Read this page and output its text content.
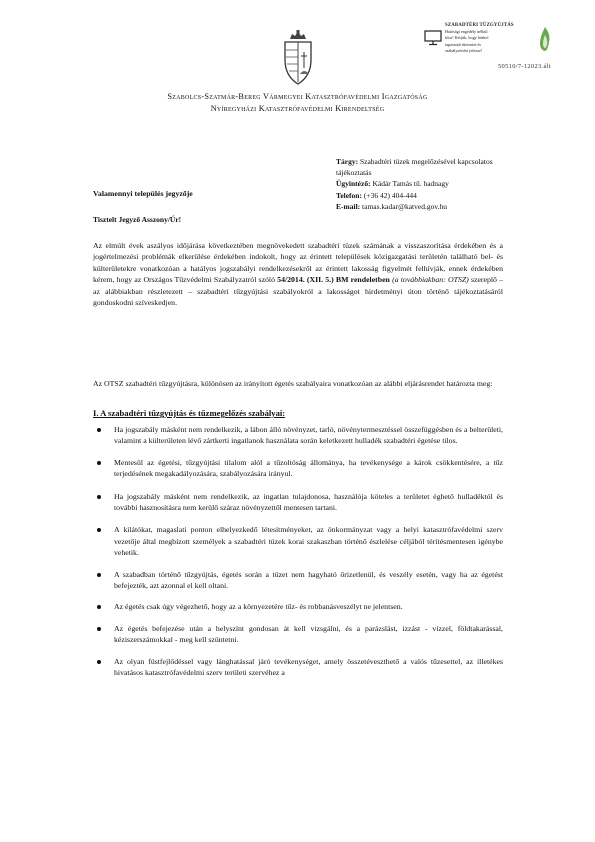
SZABADTÉRI TÜZGYÚJTÁS
Hatósági engedély nélkül
tilos! Kérjük, hogy bárhol
tapasztalt tűzesetet és
szabálysértést jelezze!
50510/7-12023.ált
Szabolcs-Szatmár-Bereg Vármegyei Katasztrófavédelmi Igazgatóság
Nyíregyházi Katasztrófavédelmi Kirendeltség
Tárgy: Szabadtéri tüzek megelőzésével kapcsolatos tájékoztatás
Ügyintéző: Kádár Tamás tű. hadnagy
Telefon: (+36 42) 404-444
E-mail: tamas.kadar@katved.gov.hu
Valamennyi település jegyzője
Tisztelt Jegyző Asszony/Úr!
Az elmúlt évek aszályos időjárása következtében megnövekedett szabadtéri tüzek számának a visszaszorítása érdekében és a jogértelmezési problémák elkerülése érdekében indokolt, hogy az érintett települések közigazgatási területén található bel- és külterületekre vonatkozóan a hatályos jogszabályi rendelkezésekről az érintett lakosság figyelmét felhívják, ennek érdekében kérem, hogy az Országos Tűzvédelmi Szabályzatról szóló 54/2014. (XII. 5.) BM rendeletben (a továbbiakban: OTSZ) szereplő – az alábbiakban részletezett – szabadtéri tűzgyújtási szabályokról a lakosságot hirdetményi úton történő tájékoztatásáról gondoskodni szíveskedjen.
Az OTSZ szabadtéri tűzgyújtásra, különösen az irányított égetés szabályaira vonatkozóan az alábbi eljárásrendet határozta meg:
I. A szabadtéri tűzgyújtás és tűzmegelőzés szabályai:
Ha jogszabály másként nem rendelkezik, a lábon álló növényzet, tarló, növénytermesztéssel összefüggésben és a belterületi, valamint a külterületen lévő zártkerti ingatlanok használata során keletkezett hulladék szabadtéri égetése tilos.
Mentesül az égetési, tűzgyújtási tilalom alól a tűzoltóság állománya, ha tevékenysége a károk csökkentésére, a tűz terjedésének megakadályozására, szabályozására irányul.
Ha jogszabály másként nem rendelkezik, az ingatlan tulajdonosa, használója köteles a területet éghető hulladéktól és további hasznosításra nem kerülő száraz növényzettől mentesen tartani.
A kilátókat, magaslati ponton elhelyezkedő létesítményeket, az önkormányzat vagy a helyi katasztrófavédelmi szerv vezetője által megbízott személyek a szabadtéri tüzek korai szakaszban történő észlelése céljából térítésmentesen igénybe vehetik.
A szabadban történő tűzgyújtás, égetés során a tüzet nem hagyható őrizetlenül, és veszély esetén, vagy ha az égetést befejezték, azt azonnal el kell oltani.
Az égetés csak úgy végezhető, hogy az a környezetére tűz- és robbanásveszélyt ne jelentsen.
Az égetés befejezése után a helyszínt gondosan át kell vizsgálni, és a parázslást, izzást - vízzel, földtakarással, kéziszerszámokkal - meg kell szüntetni.
Az olyan füstfejlődéssel vagy lánghatással járó tevékenységet, amely összetéveszthető a valós tűzesettel, az illetékes hivatásos katasztrófavédelmi szerv területi szervéhez a
